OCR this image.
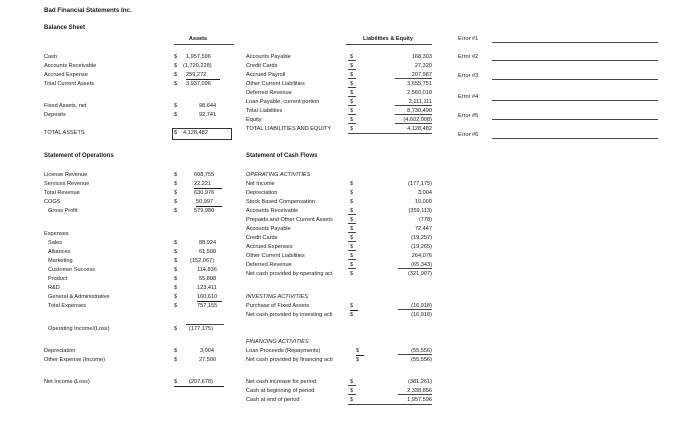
Bad Financial Statements Inc.
Balance Sheet
Assets	Liabilities & Equity
Cash	$ 1,957,596
Accounts Receivable	$ (1,720,228)
Accrued Expense	$ 259,272
Total Current Assets	$ 3,937,096
Fixed Assets, net	$	98,644
Deposits	$	92,741
TOTAL ASSETS	$ 4,128,482
Accounts Payable	$	168,303
Credit Cards	$	27,320
Accrued Payroll	$	207,987
Other Current Liabilities	$	3,655,751
Deferred Revenue	$	2,560,018
Loan Payable, current portion	$	2,111,111
Total Liabilities	$	8,730,490
Equity	$	(4,602,008)
TOTAL LIABILITIES AND EQUITY	$	4,128,482
Error #1
Error #2
Error #3
Error #4
Error #5
Error #6
Statement of Operations
License Revenue	$	608,755
Services Revenue	$	22,221
Total Revenue	$	630,976
COGS	$	50,997
Gross Profit	$	579,980
Expenses
Sales	$	88,924
Alliances	$	61,500
Marketing	$ (152,067)
Customer Success	$	114,836
Product	$	55,808
R&D	$	123,411
General & Administrative	$	160,610
Total Expenses	$	757,155
Operating Income/(Loss)	$ (177,175)
Depreciation	$	3,004
Other Expense (Income)	$	27,500
Net Income (Loss)	$	(207,678)
Statement of Cash Flows
OPERATING ACTIVITIES
Net Income	$	(177,175)
Depreciation	$	3,004
Stock Based Compensation	$	10,000
Accounts Receivable	$	(359,113)
Prepaids and Other Current Assets	$	(778)
Accounts Payable	$	72,447
Credit Cards	$	(19,257)
Accrued Expenses	$	(19,265)
Other Current Liabilities	$	264,076
Deferred Revenue	$	(65,343)
Net cash provided by operating act	$	(321,907)
INVESTING ACTIVITIES
Purchase of Fixed Assets	$	(16,918)
Net cash provided by investing acti	$	(16,918)
FINANCING ACTIVITIES
Loan Proceeds (Repayments)	$	(55,556)
Net cash provided by financing acti	$	(55,556)
Net cash increase for period	$	(381,261)
Cash at beginning of period	$	2,338,856
Cash at end of period	$	1,957,596
